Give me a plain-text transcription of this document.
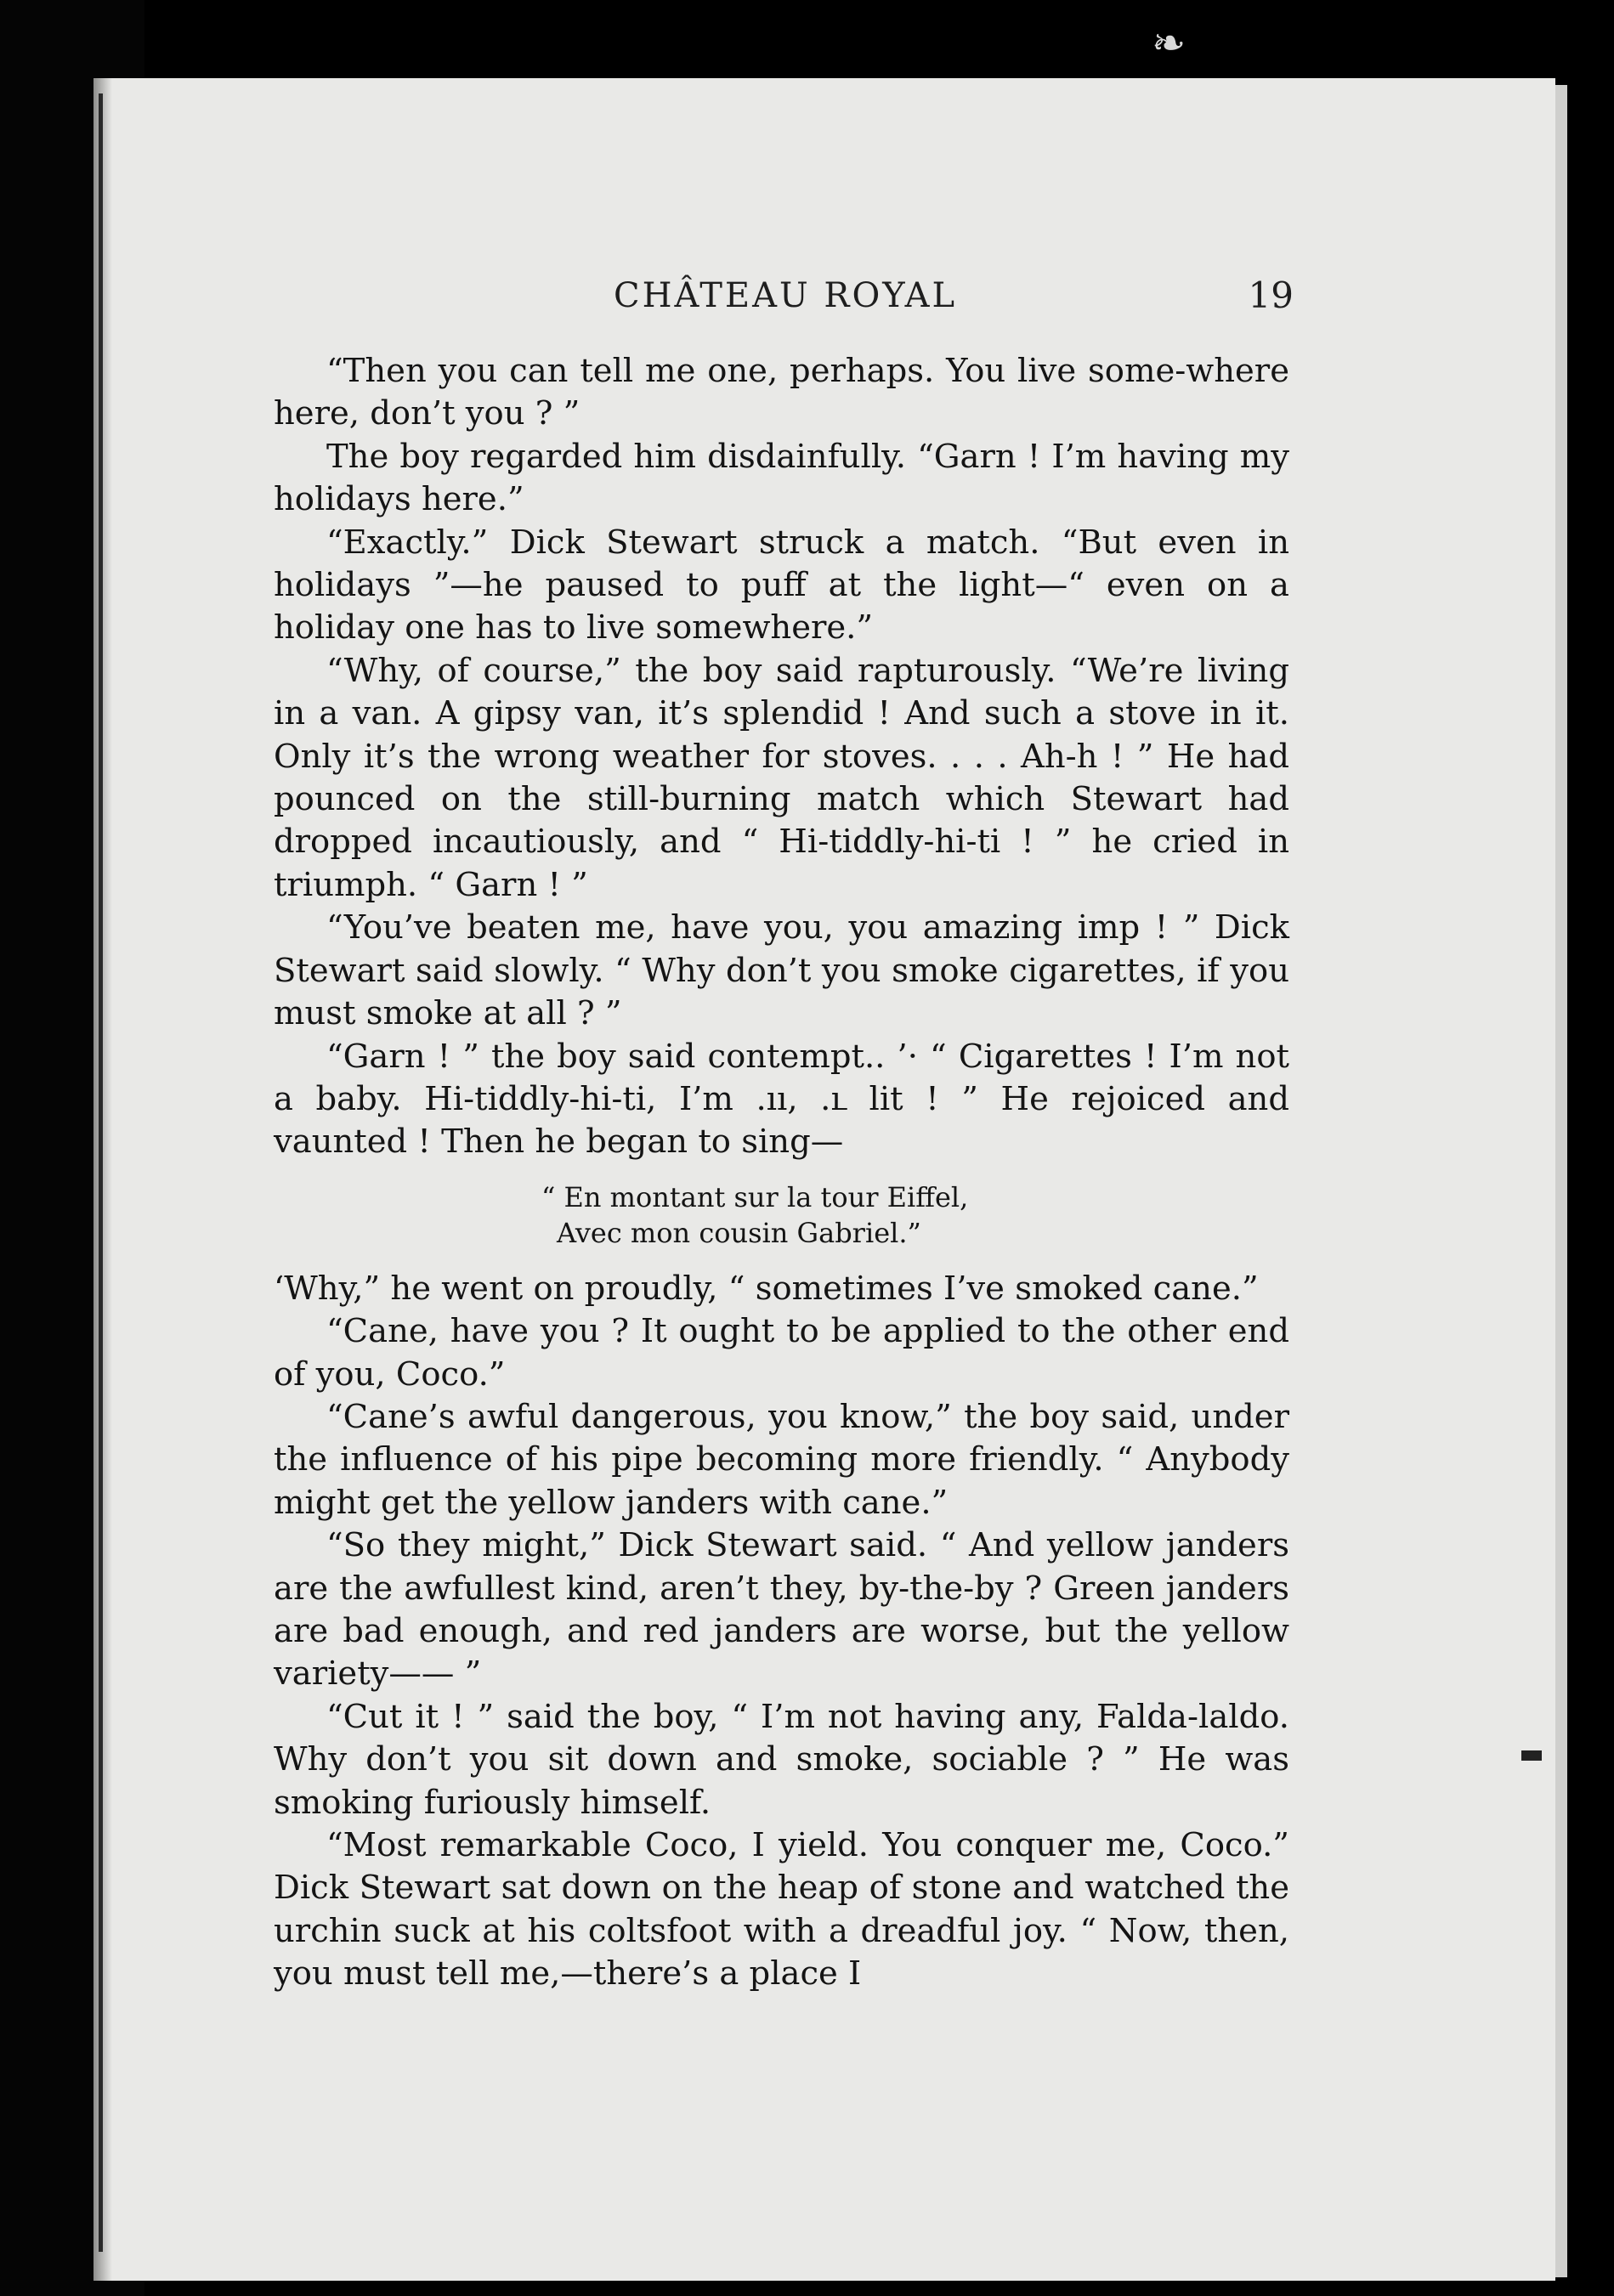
❧
CHÂTEAU ROYAL	19

“Then you can tell me one, perhaps. You live some-where here, don’t you ? ”

The boy regarded him disdainfully. “Garn ! I’m having my holidays here.”

“Exactly.” Dick Stewart struck a match. “But even in holidays ”—he paused to puff at the light—“ even on a holiday one has to live somewhere.”

“Why, of course,” the boy said rapturously. “We’re living in a van. A gipsy van, it’s splendid ! And such a stove in it. Only it’s the wrong weather for stoves. . . . Ah-h ! ” He had pounced on the still-burning match which Stewart had dropped incautiously, and “ Hi-tiddly-hi-ti ! ” he cried in triumph. “ Garn ! ”

“You’ve beaten me, have you, you amazing imp ! ” Dick Stewart said slowly. “ Why don’t you smoke cigarettes, if you must smoke at all ? ”

“Garn ! ” the boy said contempt.. ’· “ Cigarettes ! I’m not a baby. Hi-tiddly-hi-ti, I’m .ıı, .ւ lit ! ” He rejoiced and vaunted ! Then he began to sing—

“ En montant sur la tour Eiffel,
Avec mon cousin Gabriel.”

‘Why,” he went on proudly, “ sometimes I’ve smoked cane.”

“Cane, have you ? It ought to be applied to the other end of you, Coco.”

“Cane’s awful dangerous, you know,” the boy said, under the influence of his pipe becoming more friendly. “ Anybody might get the yellow janders with cane.”

“So they might,” Dick Stewart said. “ And yellow janders are the awfullest kind, aren’t they, by-the-by ? Green janders are bad enough, and red janders are worse, but the yellow variety—— ”

“Cut it ! ” said the boy, “ I’m not having any, Falda-laldo. Why don’t you sit down and smoke, sociable ? ” He was smoking furiously himself.

“Most remarkable Coco, I yield. You conquer me, Coco.” Dick Stewart sat down on the heap of stone and watched the urchin suck at his coltsfoot with a dreadful joy. “ Now, then, you must tell me,—there’s a place I
